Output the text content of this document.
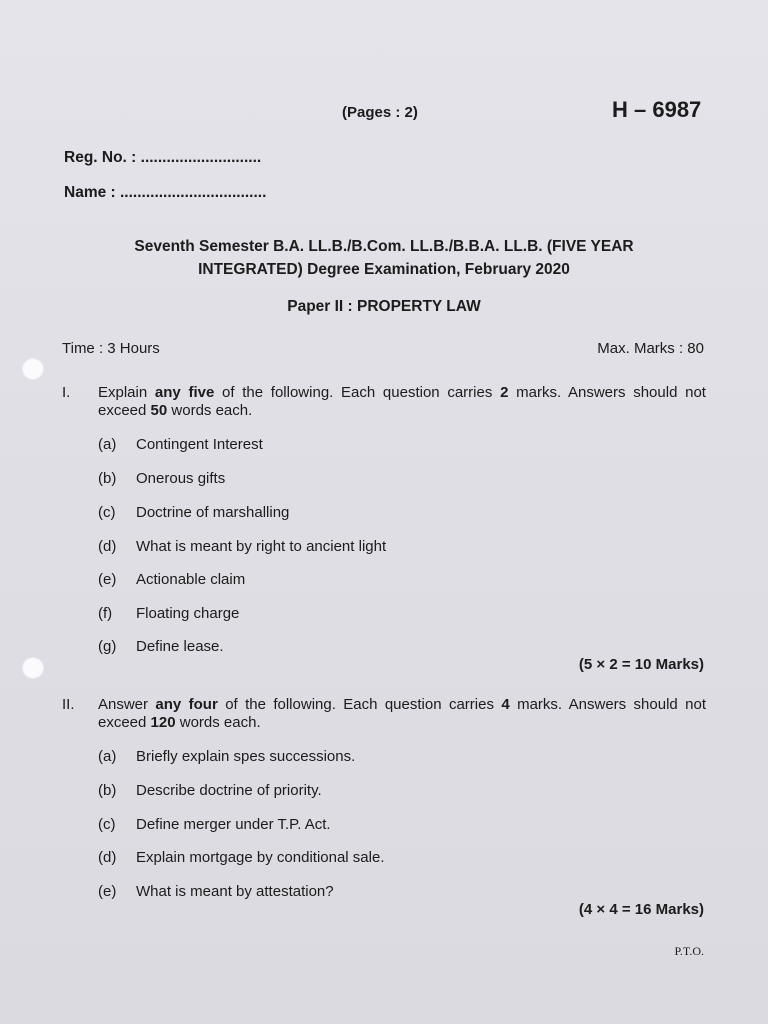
(Pages : 2)	H – 6987
Reg. No. : ............................
Name : ..................................
Seventh Semester B.A. LL.B./B.Com. LL.B./B.B.A. LL.B. (FIVE YEAR
INTEGRATED) Degree Examination, February 2020
Paper II : PROPERTY LAW
Time : 3 Hours	Max. Marks : 80
I. Explain any five of the following. Each question carries 2 marks. Answers should not exceed 50 words each.
(a) Contingent Interest
(b) Onerous gifts
(c) Doctrine of marshalling
(d) What is meant by right to ancient light
(e) Actionable claim
(f) Floating charge
(g) Define lease.
(5 × 2 = 10 Marks)
II. Answer any four of the following. Each question carries 4 marks. Answers should not exceed 120 words each.
(a) Briefly explain spes successions.
(b) Describe doctrine of priority.
(c) Define merger under T.P. Act.
(d) Explain mortgage by conditional sale.
(e) What is meant by attestation?
(4 × 4 = 16 Marks)
P.T.O.
